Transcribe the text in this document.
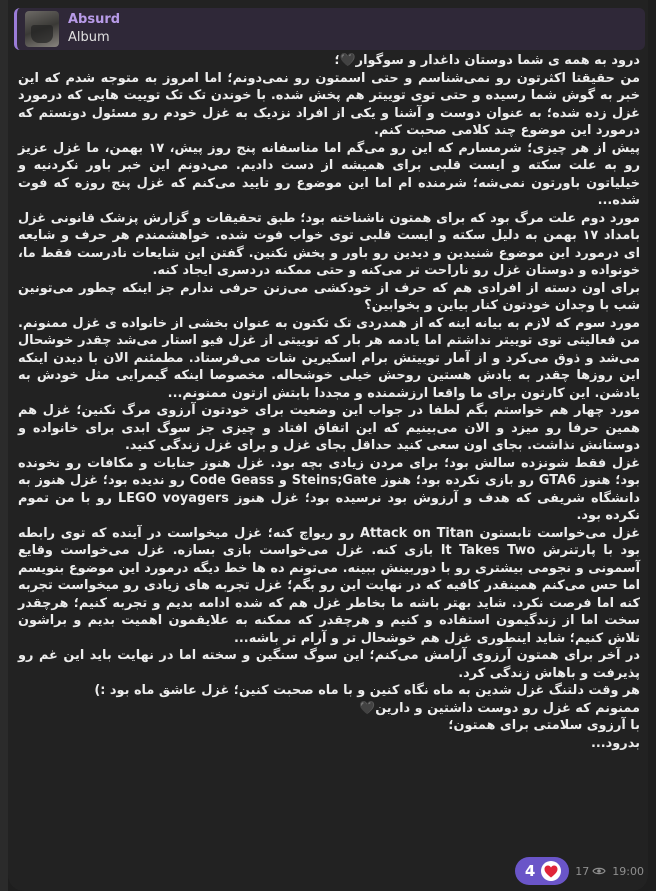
Absurd
Album

درود به همه ی شما دوستان داغدار و سوگوار🖤؛

من حقیقتا اکثرتون رو نمی‌شناسم و حتی اسمتون رو نمی‌دونم؛ اما امروز به متوجه شدم که این خبر به گوش شما رسیده و حتی توی توییتر هم پخش شده. با خوندن تک تک توییت هایی که درمورد غزل زده شده؛ به عنوان دوست و آشنا و یکی از افراد نزدیک به غزل خودم رو مسئول دونستم که درمورد این موضوع چند کلامی صحبت کنم.

پیش از هر چیزی؛ شرمسارم که این رو می‌گم اما متاسفانه پنج روز پیش، ۱۷ بهمن، ما غزل عزیز رو به علت سکته و ایست قلبی برای همیشه از دست دادیم. می‌دونم این خبر باور نکردنیه و خیلیاتون باورتون نمی‌شه؛ شرمنده ام اما این موضوع رو تایید می‌کنم که غزل پنج روزه که فوت شده...

مورد دوم علت مرگ بود که برای همتون ناشناخته بود؛ طبق تحقیقات و گزارش پزشک قانونی غزل بامداد ۱۷ بهمن به دلیل سکته و ایست قلبی توی خواب فوت شده. خواهشمندم هر حرف و شایعه ای درمورد این موضوع شنیدین و دیدین رو باور و پخش نکنین. گفتن این شایعات نادرست فقط ما، خونواده و دوستان غزل رو ناراحت تر می‌کنه و حتی ممکنه دردسری ایجاد کنه.

برای اون دسته از افرادی هم که حرف از خودکشی می‌زنن حرفی ندارم جز اینکه چطور می‌تونین شب با وجدان خودتون کنار بیاین و بخوابین؟

مورد سوم که لازم به بیانه اینه که از همدردی تک تکتون به عنوان بخشی از خانواده ی غزل ممنونم. من فعالیتی توی توییتر نداشتم اما یادمه هر بار که توییتی از غزل فیو استار می‌شد چقدر خوشحال می‌شد و ذوق می‌کرد و از آمار توییتش برام اسکیرین شات می‌فرستاد. مطمئنم الان با دیدن اینکه این روزها چقدر به یادش هستین روحش خیلی خوشحاله. مخصوصا اینکه گیمرایی مثل خودش به یادشن. این کارتون برای ما واقعا ارزشمنده و مجددا بابتش ازتون ممنونم...

مورد چهار هم خواستم بگم لطفا در جواب این وضعیت برای خودتون آرزوی مرگ نکنین؛ غزل هم همین حرفا رو میزد و الان می‌بینیم که این اتفاق افتاد و چیزی جز سوگ ابدی برای خانواده و دوستانش نذاشت. بجای اون سعی کنید حداقل بجای غزل و برای غزل زندگی کنید.

غزل فقط شونزده سالش بود؛ برای مردن زیادی بچه بود. غزل هنوز جنایات و مکافات رو نخونده بود؛ هنوز GTA6 رو بازی نکرده بود؛ هنوز Steins;Gate و Code Geass رو ندیده بود؛ غزل هنوز به دانشگاه شریفی که هدف و آرزوش بود نرسیده بود؛ غزل هنوز LEGO voyagers رو با من تموم نکرده بود.

غزل می‌خواست تابستون Attack on Titan رو ریواچ کنه؛ غزل میخواست در آینده که توی رابطه بود با پارتنرش It Takes Two بازی کنه. غزل می‌خواست بازی بسازه. غزل می‌خواست وقایع آسمونی و نجومی بیشتری رو با دوربینش ببینه. می‌تونم ده ها خط دیگه درمورد این موضوع بنویسم اما حس می‌کنم همینقدر کافیه که در نهایت این رو بگم؛ غزل تجربه های زیادی رو میخواست تجربه کنه اما فرصت نکرد. شاید بهتر باشه ما بخاطر غزل هم که شده ادامه بدیم و تجربه کنیم؛ هرچقدر سخت اما از زندگیمون استفاده و کنیم و هرچقدر که ممکنه به علایقمون اهمیت بدیم و براشون تلاش کنیم؛ شاید اینطوری غزل هم خوشحال تر و آرام تر باشه...

در آخر برای همتون آرزوی آرامش می‌کنم؛ این سوگ سنگین و سخته اما در نهایت باید این غم رو پذیرفت و باهاش زندگی کرد.

هر وقت دلتنگ غزل شدین به ماه نگاه کنین و با ماه صحبت کنین؛ غزل عاشق ماه بود :)

ممنونم که غزل رو دوست داشتین و دارین🖤

با آرزوی سلامتی برای همتون؛

بدرود...

4	17 19:00
